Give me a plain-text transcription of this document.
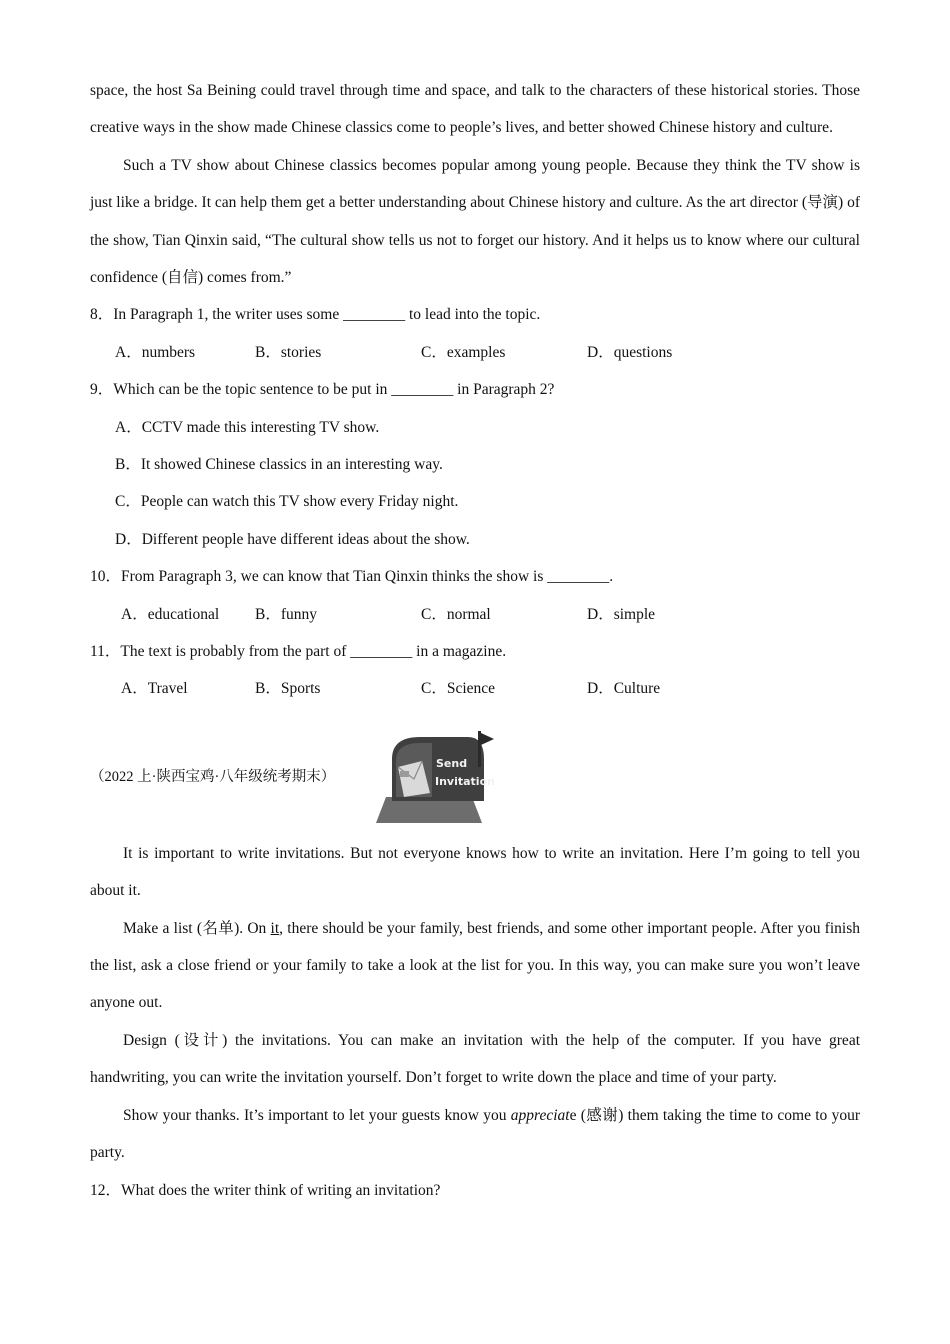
space, the host Sa Beining could travel through time and space, and talk to the characters of these historical stories. Those creative ways in the show made Chinese classics come to people’s lives, and better showed Chinese history and culture.

Such a TV show about Chinese classics becomes popular among young people. Because they think the TV show is just like a bridge. It can help them get a better understanding about Chinese history and culture. As the art director (导演) of the show, Tian Qinxin said, “The cultural show tells us not to forget our history. And it helps us to know where our cultural confidence (自信) comes from.”

8．In Paragraph 1, the writer uses some ________ to lead into the topic.
A．numbers	B．stories	C．examples	D．questions
9．Which can be the topic sentence to be put in ________ in Paragraph 2?
A．CCTV made this interesting TV show.
B．It showed Chinese classics in an interesting way.
C．People can watch this TV show every Friday night.
D．Different people have different ideas about the show.
10．From Paragraph 3, we can know that Tian Qinxin thinks the show is ________.
A．educational	B．funny	C．normal	D．simple
11．The text is probably from the part of ________ in a magazine.
A．Travel	B．Sports	C．Science	D．Culture
（2022 上·陕西宝鸡·八年级统考期末）
Send
Invitation

It is important to write invitations. But not everyone knows how to write an invitation. Here I’m going to tell you about it.

Make a list (名单). On it, there should be your family, best friends, and some other important people. After you finish the list, ask a close friend or your family to take a look at the list for you. In this way, you can make sure you won’t leave anyone out.

Design (设计) the invitations. You can make an invitation with the help of the computer. If you have great handwriting, you can write the invitation yourself. Don’t forget to write down the place and time of your party.

Show your thanks. It’s important to let your guests know you appreciate (感谢) them taking the time to come to your party.

12．What does the writer think of writing an invitation?
